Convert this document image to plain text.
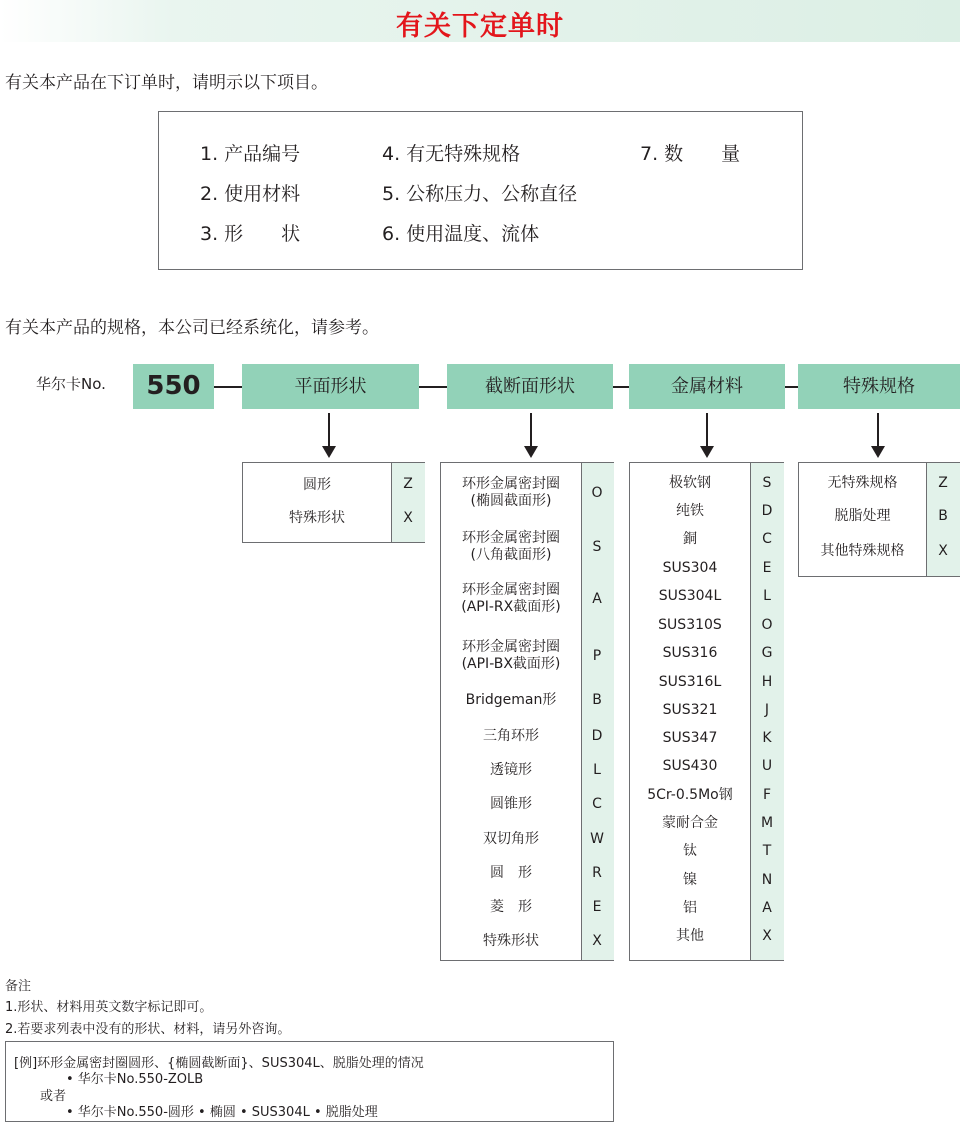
有关下定单时
有关本产品在下订单时，请明示以下项目。
1. 产品编号
2. 使用材料
3. 形　　状
4. 有无特殊规格
5. 公称压力、公称直径
6. 使用温度、流体
7. 数　　量
有关本产品的规格，本公司已经系统化，请参考。
华尔卡No.	550	平面形状	截断面形状	金属材料	特殊规格
圆形	Z
特殊形状	X
环形金属密封圈
(椭圆截面形)	O
环形金属密封圈
(八角截面形)	S
环形金属密封圈
(API-RX截面形)	A
环形金属密封圈
(API-BX截面形)	P
Bridgeman形	B
三角环形	D
透镜形	L
圆锥形	C
双切角形	W
圆　形	R
菱　形	E
特殊形状	X
极软钢	S
纯铁	D
銅	C
SUS304	E
SUS304L	L
SUS310S	O
SUS316	G
SUS316L	H
SUS321	J
SUS347	K
SUS430	U
5Cr-0.5Mo钢	F
蒙耐合金	M
钛	T
镍	N
铝	A
其他	X
无特殊规格	Z
脱脂处理	B
其他特殊规格	X
备注
1.形状、材料用英文数字标记即可。
2.若要求列表中没有的形状、材料，请另外咨询。
[例]环形金属密封圈圆形、{椭圆截断面}、SUS304L、脱脂处理的情况
　　　　• 华尔卡No.550-ZOLB
　　或者
　　　　• 华尔卡No.550-圆形 • 椭圆 • SUS304L • 脱脂处理
